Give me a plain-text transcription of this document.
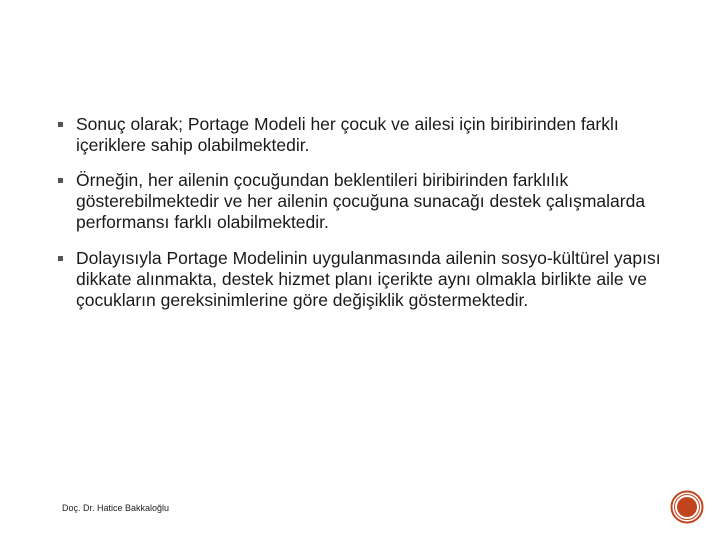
Sonuç olarak; Portage Modeli her çocuk ve ailesi için biribirinden farklı içeriklere sahip olabilmektedir.
Örneğin, her ailenin çocuğundan beklentileri biribirinden farklılık gösterebilmektedir ve her ailenin çocuğuna sunacağı destek çalışmalarda performansı farklı olabilmektedir.
Dolayısıyla Portage Modelinin uygulanmasında ailenin sosyo-kültürel yapısı dikkate alınmakta, destek hizmet planı içerikte aynı olmakla birlikte aile ve çocukların gereksinimlerine göre değişiklik göstermektedir.
Doç. Dr. Hatice Bakkaloğlu
